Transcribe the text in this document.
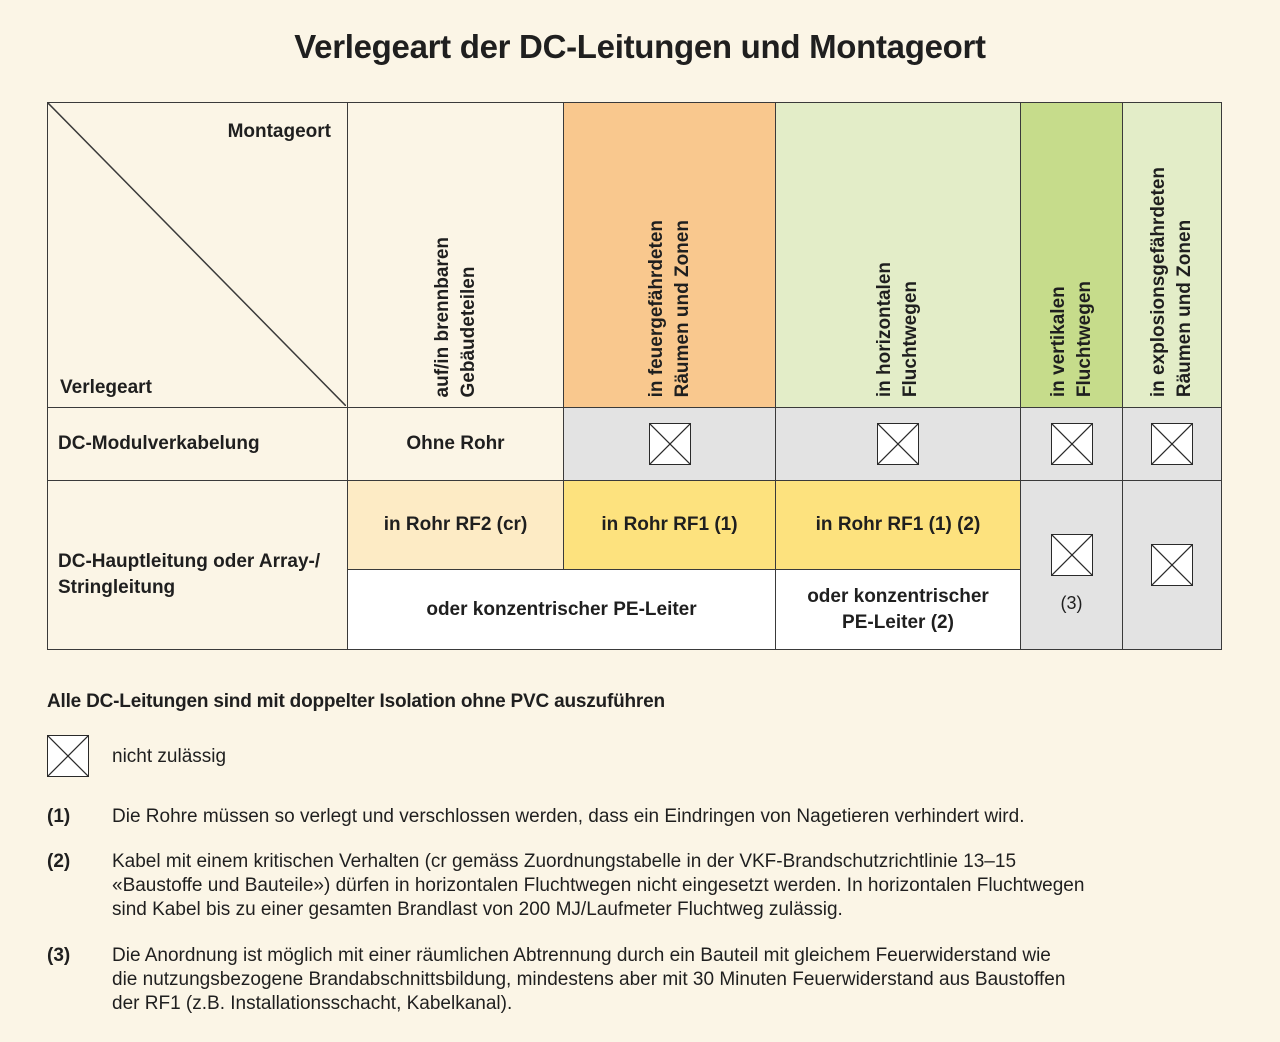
Verlegeart der DC-Leitungen und Montageort
Montageort
Verlegeart	auf/in brennbaren Gebäudeteilen	in feuergefährdeten Räumen und Zonen	in horizontalen Fluchtwegen	in vertikalen Fluchtwegen	in explosionsgefährdeten Räumen und Zonen
DC-Modulverkabelung	Ohne Rohr
DC-Hauptleitung oder Array-/
Stringleitung
in Rohr RF2 (cr)	in Rohr RF1 (1)	in Rohr RF1 (1) (2)
oder konzentrischer PE-Leiter
oder konzentrischer
PE-Leiter (2)
(3)
Alle DC-Leitungen sind mit doppelter Isolation ohne PVC auszuführen
nicht zulässig
(1) Die Rohre müssen so verlegt und verschlossen werden, dass ein Eindringen von Nagetieren verhindert wird.
(2) Kabel mit einem kritischen Verhalten (cr gemäss Zuordnungstabelle in der VKF-Brandschutzrichtlinie 13–15
«Baustoffe und Bauteile») dürfen in horizontalen Fluchtwegen nicht eingesetzt werden. In horizontalen Fluchtwegen
sind Kabel bis zu einer gesamten Brandlast von 200 MJ/Laufmeter Fluchtweg zulässig.
(3) Die Anordnung ist möglich mit einer räumlichen Abtrennung durch ein Bauteil mit gleichem Feuerwiderstand wie
die nutzungsbezogene Brandabschnittsbildung, mindestens aber mit 30 Minuten Feuerwiderstand aus Baustoffen
der RF1 (z.B. Installationsschacht, Kabelkanal).
